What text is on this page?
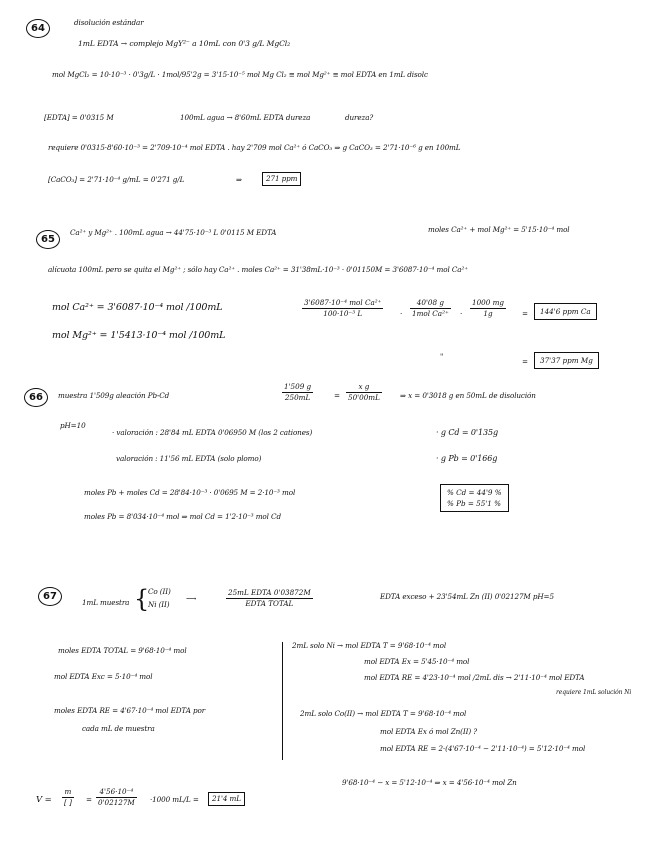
64
disolución estándar
1mL EDTA → complejo MgY²⁻ a 10mL con 0'3 g/L MgCl₂
mol MgCl₂ = 10·10⁻³ · 0'3g/L · 1mol/95'2g = 3'15·10⁻⁵ mol Mg Cl₂ ≡ mol Mg²⁺ ≡ mol EDTA en 1mL disolc
[EDTA] = 0'0315 M	100mL agua → 8'60mL EDTA dureza	dureza?
requiere 0'0315·8'60·10⁻³ = 2'709·10⁻⁴ mol EDTA . hay 2'709 mol Ca²⁺ ó CaCO₃ ⇒ g CaCO₃ = 2'71·10⁻⁶ g en 100mL
[CaCO₃] = 2'71·10⁻⁴ g/mL = 0'271 g/L	⇒	271 ppm
65
Ca²⁺ y Mg²⁺ . 100mL agua → 44'75·10⁻³ L 0'0115 M EDTA	moles Ca²⁺ + mol Mg²⁺ = 5'15·10⁻⁴ mol
alícuota 100mL pero se quita el Mg²⁺ ; sólo hay Ca²⁺ . moles Ca²⁺ = 31'38mL·10⁻³ · 0'01150M = 3'6087·10⁻⁴ mol Ca²⁺
mol Ca²⁺ = 3'6087·10⁻⁴ mol /100mL
mol Mg²⁺ = 1'5413·10⁻⁴ mol /100mL
3'6087·10⁻⁴ mol Ca²⁺
100·10⁻³ L	·
40'08 g
1mol $Ca^{2+} \cdot \frac{1000 mg}{1g}$ =	144'6 ppm Ca
"
=	37'37 ppm Mg
66	muestra 1'509g aleación Pb-Cd	$\frac{1'509 g}{250mL}$	= $\frac{\text{x g}}{50'00mL}$	⇒ x = 0'3018 g en 50mL de disolución
pH=10
· valoración : 28'84 mL EDTA 0'06950 M (los 2 cationes)	· g Cd = 0'135g
valoración : 11'56 mL EDTA (solo plomo)	· g Pb = 0'166g
moles Pb + moles Cd = 28'84·10⁻³ · 0'0695 M = 2·10⁻³ mol
moles Pb = 8'034·10⁻⁴ mol ⇒ mol Cd = 1'2·10⁻³ mol Cd
% Cd = 44'9 %
% Pb = 55'1 %
67
1mL muestra {
Co (II)
Ni (II)
⟶
25mL EDTA 0'03872M
EDTA TOTAL
EDTA exceso + 23'54mL Zn (II) 0'02127M pH=5
moles EDTA TOTAL = 9'68·10⁻⁴ mol
mol EDTA Exc = 5·10⁻⁴ mol
moles EDTA RE = 4'67·10⁻⁴ mol EDTA por
cada mL de muestra
2mL solo Ni → mol EDTA T = 9'68·10⁻⁴ mol
mol EDTA Ex = 5'45·10⁻⁴ mol
mol EDTA RE = 4'23·10⁻⁴ mol /2mL dis → 2'11·10⁻⁴ mol EDTA
requiere 1mL solución Ni
2mL solo Co(II) → mol EDTA T = 9'68·10⁻⁴ mol
mol EDTA Ex ó mol Zn(II) ?
mol EDTA RE = 2·(4'67·10⁻⁴ − 2'11·10⁻⁴) = 5'12·10⁻⁴ mol
9'68·10⁻⁴ − x = 5'12·10⁻⁴ ⇒ x = 4'56·10⁻⁴ mol Zn
V =
m
[ ] = $\frac{\text{4'56·10⁻⁴}}{0'02127M} \cdot 1000$ mL/L =	21'4 mL
